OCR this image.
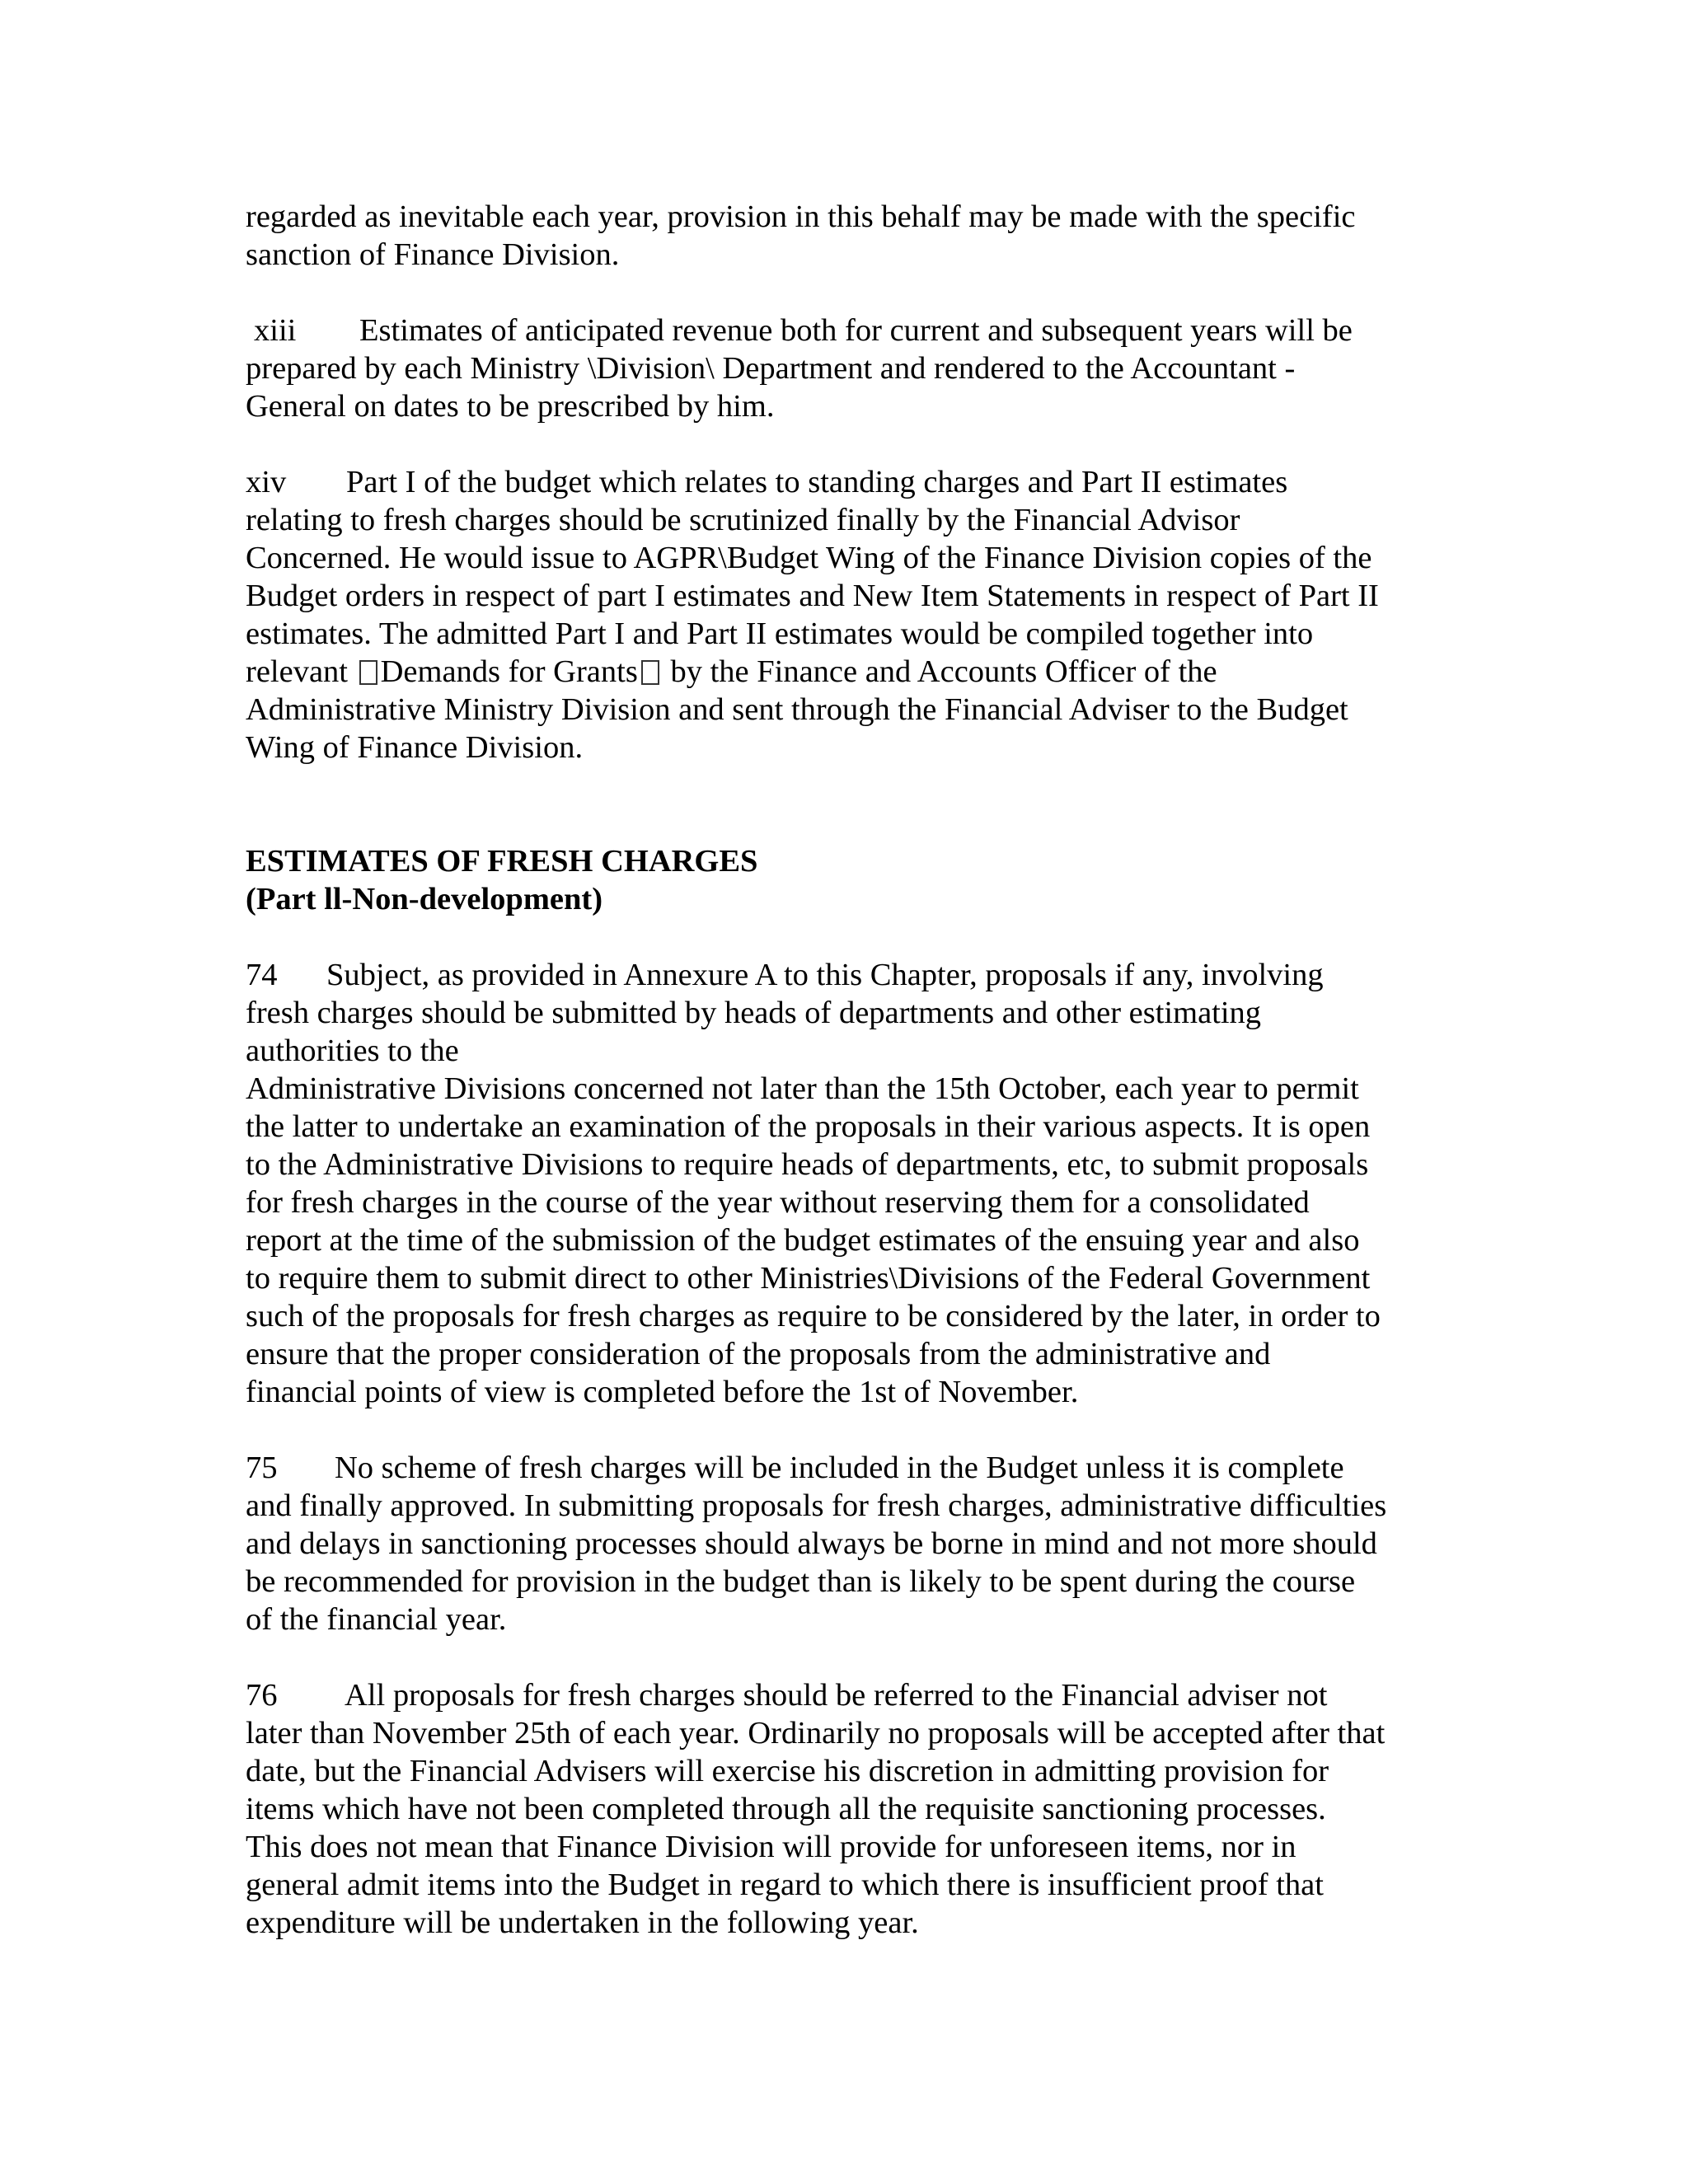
regarded as inevitable each year, provision in this behalf may be made with the specific
sanction of Finance Division.
xiii Estimates of anticipated revenue both for current and subsequent years will be
prepared by each Ministry \Division\ Department and rendered to the Accountant -
General on dates to be prescribed by him.
xiv Part I of the budget which relates to standing charges and Part II estimates
relating to fresh charges should be scrutinized finally by the Financial Advisor
Concerned. He would issue to AGPR\Budget Wing of the Finance Division copies of the
Budget orders in respect of part I estimates and New Item Statements in respect of Part II
estimates. The admitted Part I and Part II estimates would be compiled together into
relevant Demands for Grants by the Finance and Accounts Officer of the
Administrative Ministry Division and sent through the Financial Adviser to the Budget
Wing of Finance Division.
ESTIMATES OF FRESH CHARGES
(Part ll-Non-development)
74 Subject, as provided in Annexure A to this Chapter, proposals if any, involving
fresh charges should be submitted by heads of departments and other estimating
authorities to the
Administrative Divisions concerned not later than the 15th October, each year to permit
the latter to undertake an examination of the proposals in their various aspects. It is open
to the Administrative Divisions to require heads of departments, etc, to submit proposals
for fresh charges in the course of the year without reserving them for a consolidated
report at the time of the submission of the budget estimates of the ensuing year and also
to require them to submit direct to other Ministries\Divisions of the Federal Government
such of the proposals for fresh charges as require to be considered by the later, in order to
ensure that the proper consideration of the proposals from the administrative and
financial points of view is completed before the 1st of November.
75 No scheme of fresh charges will be included in the Budget unless it is complete
and finally approved. In submitting proposals for fresh charges, administrative difficulties
and delays in sanctioning processes should always be borne in mind and not more should
be recommended for provision in the budget than is likely to be spent during the course
of the financial year.
76 All proposals for fresh charges should be referred to the Financial adviser not
later than November 25th of each year. Ordinarily no proposals will be accepted after that
date, but the Financial Advisers will exercise his discretion in admitting provision for
items which have not been completed through all the requisite sanctioning processes.
This does not mean that Finance Division will provide for unforeseen items, nor in
general admit items into the Budget in regard to which there is insufficient proof that
expenditure will be undertaken in the following year.
